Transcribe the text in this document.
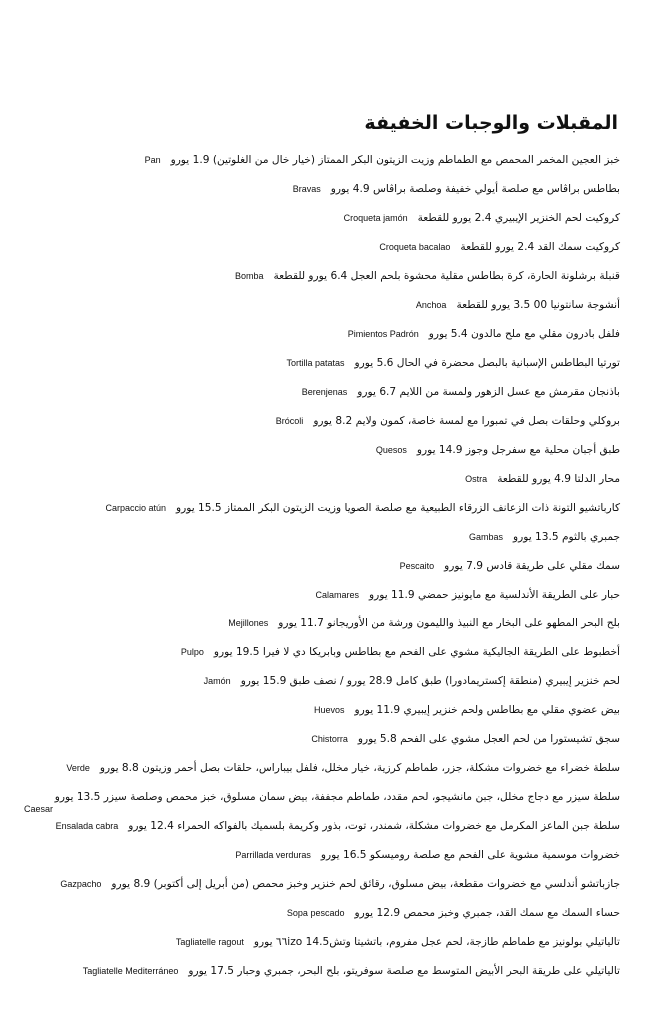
المقبلات والوجبات الخفيفة
خبز العجين المخمر المحمص مع الطماطم وزيت الزيتون البكر الممتاز (خيار خال من الغلوتين) 1.9 يورو
Pan
بطاطس براڤاس مع صلصة أيولي خفيفة وصلصة براڤاس 4.9 يورو
Bravas
كروكيت لحم الخنزير الإيبيري 2.4 يورو للقطعة
Croqueta jamón
كروكيت سمك القد 2.4 يورو للقطعة
Croqueta bacalao
قنبلة برشلونة الحارة، كرة بطاطس مقلية محشوة بلحم العجل 6.4 يورو للقطعة
Bomba
أنشوجة سانتونيا 00 3.5 يورو للقطعة
Anchoa
فلفل بادرون مقلي مع ملح مالدون 5.4 يورو
Pimientos Padrón
تورتيا البطاطس الإسبانية بالبصل محضرة في الحال 5.6 يورو
Tortilla patatas
باذنجان مقرمش مع عسل الزهور ولمسة من اللايم 6.7 يورو
Berenjenas
بروكلي وحلقات بصل في تمبورا مع لمسة خاصة، كمون ولايم 8.2 يورو
Brócoli
طبق أجبان محلية مع سفرجل وجوز 14.9 يورو
Quesos
محار الدلتا 4.9 يورو للقطعة
Ostra
كارباتشيو التونة ذات الزعانف الزرقاء الطبيعية مع صلصة الصويا وزيت الزيتون البكر الممتاز 15.5 يورو
Carpaccio atún
جمبري بالثوم 13.5 يورو
Gambas
سمك مقلي على طريقة قادس 7.9 يورو
Pescaito
حبار على الطريقة الأندلسية مع مايونيز حمضي 11.9 يورو
Calamares
بلح البحر المطهو على البخار مع النبيذ والليمون ورشة من الأوريجانو 11.7 يورو
Mejillones
أخطبوط على الطريقة الجاليكية مشوي على الفحم مع بطاطس وبابريكا دي لا فيرا 19.5 يورو
Pulpo
لحم خنزير إيبيري (منطقة إكستريمادورا) طبق كامل 28.9 يورو / نصف طبق 15.9 يورو
Jamón
بيض عضوي مقلي مع بطاطس ولحم خنزير إيبيري 11.9 يورو
Huevos
سجق تشيستورا من لحم العجل مشوي على الفحم 5.8 يورو
Chistorra
سلطة خضراء مع خضروات مشكلة، جزر، طماطم كرزية، خيار مخلل، فلفل بيباراس، حلقات بصل أحمر وزيتون 8.8 يورو
Verde
سلطة سيزر مع دجاج مخلل، جبن مانشيجو، لحم مقدد، طماطم مجففة، بيض سمان مسلوق، خبز محمص وصلصة سيزر 13.5 يورو
Caesar
سلطة جبن الماعز المكرمل مع خضروات مشكلة، شمندر، توت، بذور وكريمة بلسميك بالفواكه الحمراء 12.4 يورو
Ensalada cabra
خضروات موسمية مشوية على الفحم مع صلصة روميسكو 16.5 يورو
Parrillada verduras
جازباتشو أندلسي مع خضروات مقطعة، بيض مسلوق، رقائق لحم خنزير وخبز محمص (من أبريل إلى أكتوبر) 8.9 يورو
Gazpacho
حساء السمك مع سمك القد، جمبري وخبز محمص 12.9 يورو
Sopa pescado
تالياتيلي بولونيز مع طماطم طازجة، لحم عجل مفروم، باتشيتا وتش٦٦izo 14.5 يورو
Tagliatelle ragout
تالياتيلي على طريقة البحر الأبيض المتوسط مع صلصة سوفريتو، بلح البحر، جمبري وحبار 17.5 يورو
Tagliatelle Mediterráneo
